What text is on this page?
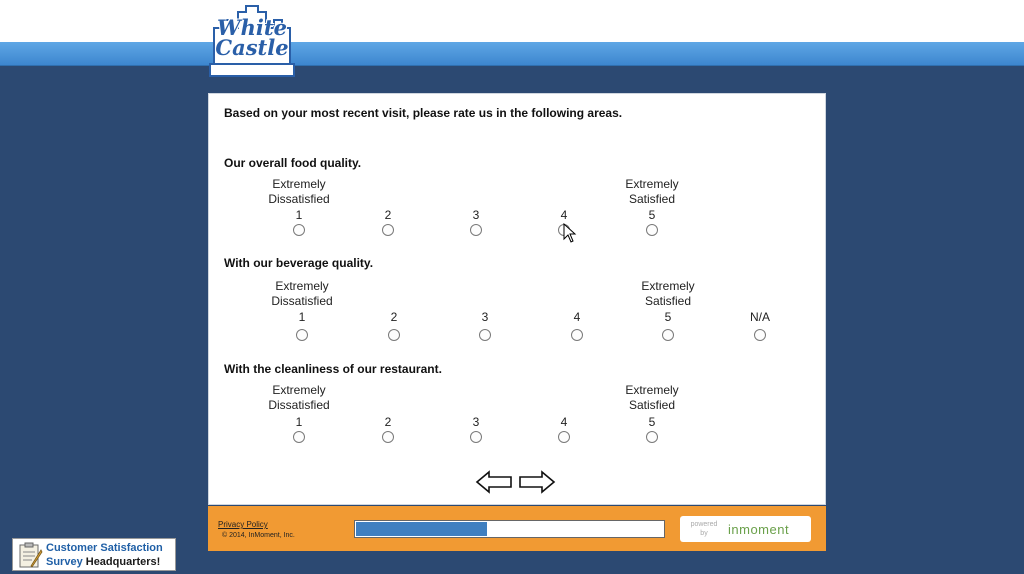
White
Castle
Based on your most recent visit, please rate us in the following areas.
Our overall food quality.
Extremely
Dissatisfied
Extremely
Satisfied
1	2	3	4	5
With our beverage quality.
Extremely
Dissatisfied
Extremely
Satisfied
1	2	3	4	5	N/A
With the cleanliness of our restaurant.
Extremely
Dissatisfied
Extremely
Satisfied
1	2	3	4	5
Privacy Policy
© 2014, InMoment, Inc.
powered
by	inmoment
Customer Satisfaction
Survey Headquarters!
